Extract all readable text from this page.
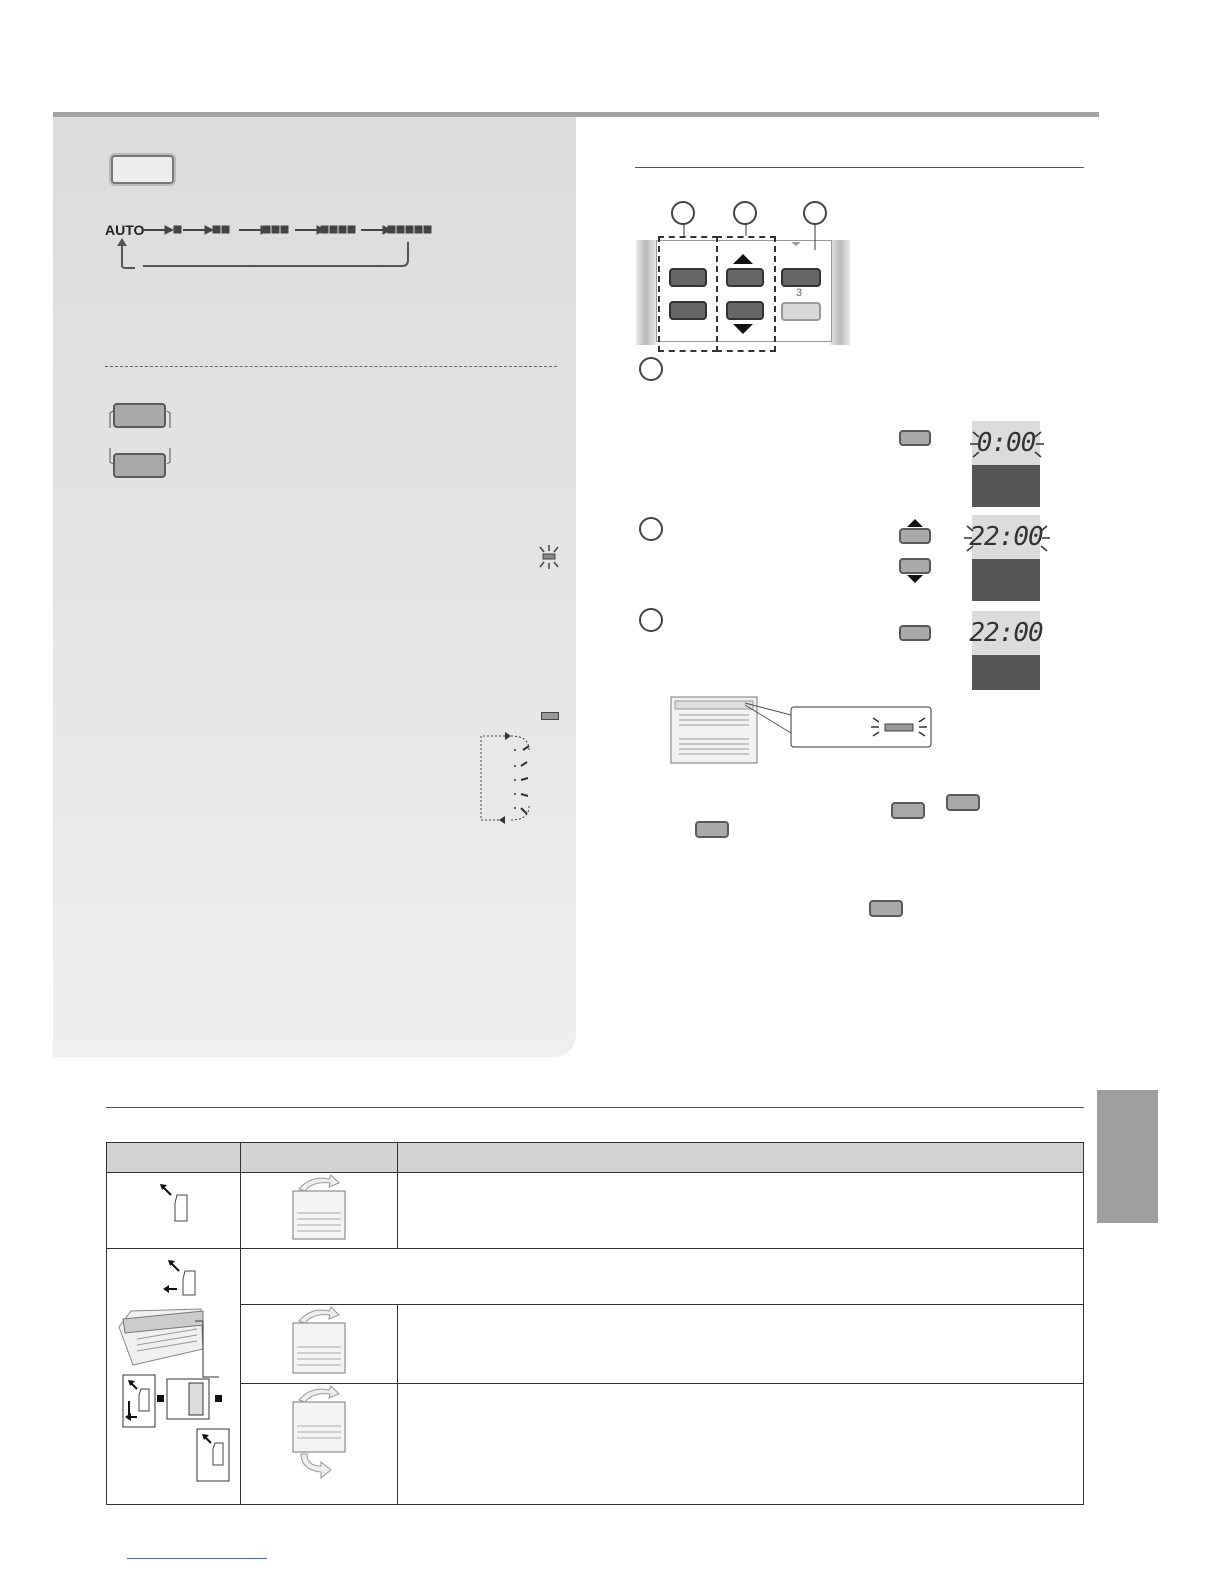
AUTO
3
0:00
22:00
22:00
